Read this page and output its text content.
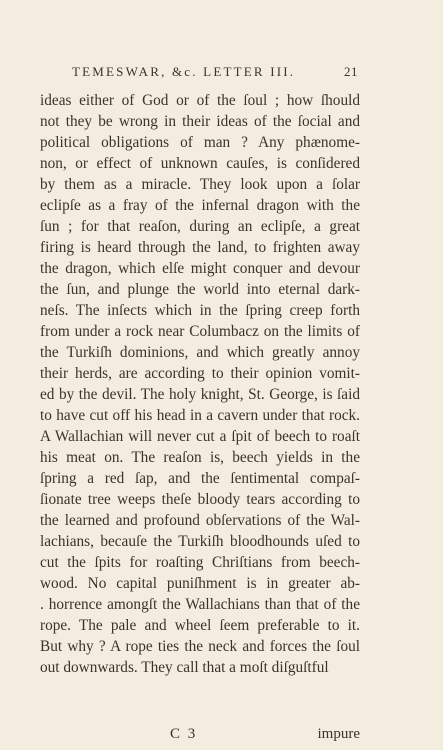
TEMESWAR, &c. LETTER III.	21
ideas either of God or of the ſoul ; how ſhould
not they be wrong in their ideas of the ſocial and
political obligations of man ? Any phænome-
non, or effect of unknown cauſes, is conſidered
by them as a miracle. They look upon a ſolar
eclipſe as a fray of the infernal dragon with the
ſun ; for that reaſon, during an eclipſe, a great
firing is heard through the land, to frighten away
the dragon, which elſe might conquer and devour
the ſun, and plunge the world into eternal dark-
neſs. The inſects which in the ſpring creep forth
from under a rock near Columbacz on the limits of
the Turkiſh dominions, and which greatly annoy
their herds, are according to their opinion vomit-
ed by the devil. The holy knight, St. George, is ſaid
to have cut off his head in a cavern under that rock.
A Wallachian will never cut a ſpit of beech to roaſt
his meat on. The reaſon is, beech yields in the
ſpring a red ſap, and the ſentimental compaſ-
ſionate tree weeps theſe bloody tears according to
the learned and profound obſervations of the Wal-
lachians, becauſe the Turkiſh bloodhounds uſed to
cut the ſpits for roaſting Chriſtians from beech-
wood. No capital puniſhment is in greater ab-
. horrence amongſt the Wallachians than that of the
rope. The pale and wheel ſeem preferable to it.
But why ? A rope ties the neck and forces the ſoul
out downwards. They call that a moſt diſguſtful
C 3	impure
